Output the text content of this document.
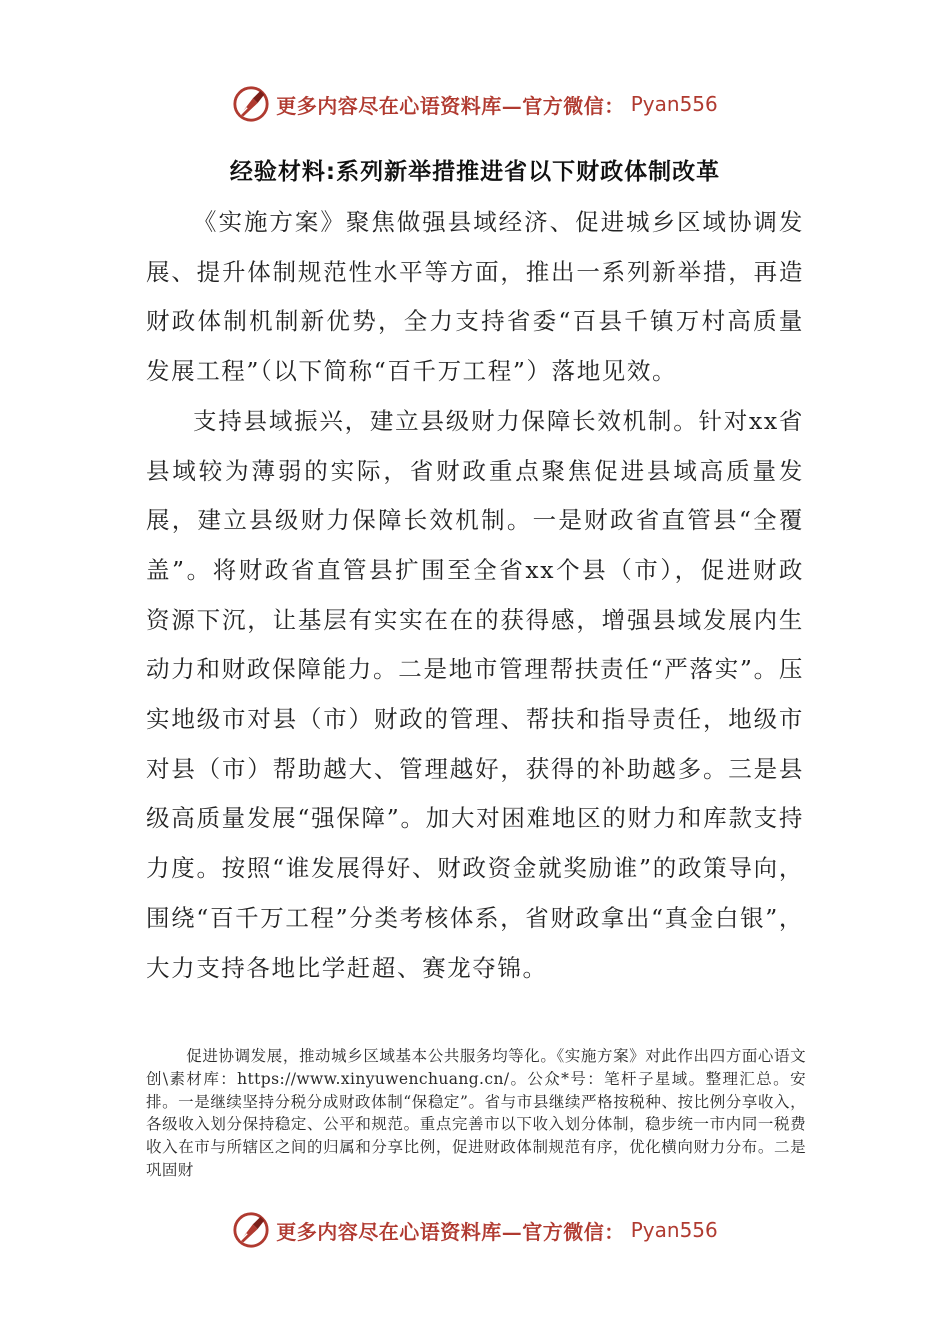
更多内容尽在心语资料库—官方微信： Pyan556
经验材料:系列新举措推进省以下财政体制改革

《实施方案》聚焦做强县域经济、促进城乡区域协调发展、提升体制规范性水平等方面，推出一系列新举措，再造财政体制机制新优势，全力支持省委“百县千镇万村高质量发展工程”（以下简称“百千万工程”）落地见效。

支持县域振兴，建立县级财力保障长效机制。针对xx省县域较为薄弱的实际，省财政重点聚焦促进县域高质量发展，建立县级财力保障长效机制。一是财政省直管县“全覆盖”。将财政省直管县扩围至全省xx个县（市），促进财政资源下沉，让基层有实实在在的获得感，增强县域发展内生动力和财政保障能力。二是地市管理帮扶责任“严落实”。压实地级市对县（市）财政的管理、帮扶和指导责任，地级市对县（市）帮助越大、管理越好，获得的补助越多。三是县级高质量发展“强保障”。加大对困难地区的财力和库款支持力度。按照“谁发展得好、财政资金就奖励谁”的政策导向，围绕“百千万工程”分类考核体系，省财政拿出“真金白银”，大力支持各地比学赶超、赛龙夺锦。

促进协调发展，推动城乡区域基本公共服务均等化。《实施方案》对此作出四方面心语文创\素材库：https://www.xinyuwenchuang.cn/。公众*号：笔杆子星域。整理汇总。安排。一是继续坚持分税分成财政体制“保稳定”。省与市县继续严格按税种、按比例分享收入，各级收入划分保持稳定、公平和规范。重点完善市以下收入划分体制，稳步统一市内同一税费收入在市与所辖区之间的归属和分享比例，促进财政体制规范有序，优化横向财力分布。二是巩固财

更多内容尽在心语资料库—官方微信： Pyan556
